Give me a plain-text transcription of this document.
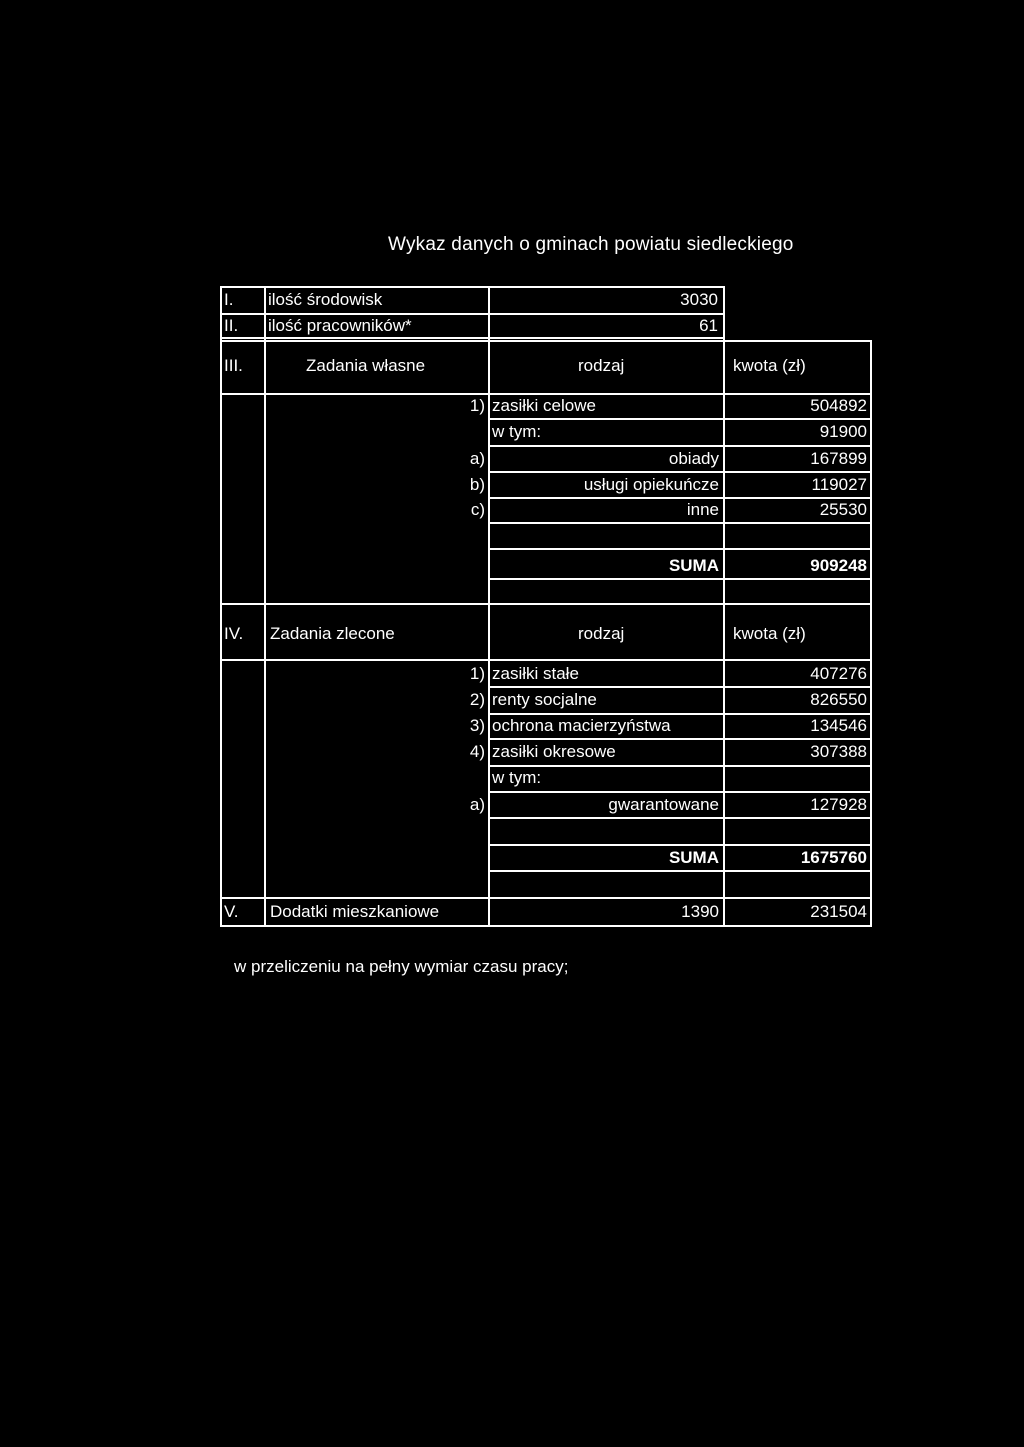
Wykaz danych o gminach powiatu siedleckiego
I. ilość środowisk	3030
II. ilość pracowników*	61
III.	Zadania własne	rodzaj	kwota (zł)
1) zasiłki celowe	504892
w tym:	91900
a)	obiady	167899
b)	usługi opiekuńcze	119027
c)	inne	25530
SUMA	909248
IV. Zadania zlecone	rodzaj	kwota (zł)
1) zasiłki stałe	407276
2) renty socjalne	826550
3) ochrona macierzyństwa	134546
4) zasiłki okresowe	307388
w tym:
a)	gwarantowane	127928
SUMA	1675760
V. Dodatki mieszkaniowe	1390	231504
w przeliczeniu na pełny wymiar czasu pracy;
